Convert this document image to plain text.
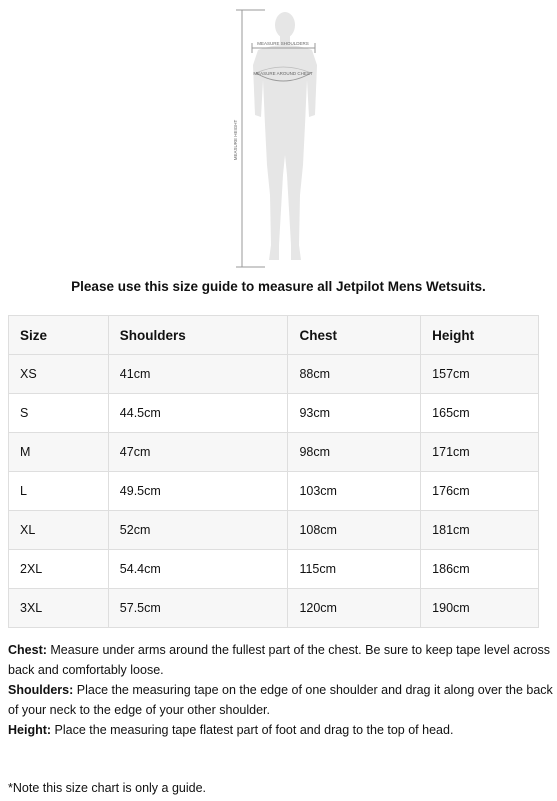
MEASURE HEIGHT
MEASURE SHOULDERS
MEASURE AROUND CHEST
Please use this size guide to measure all Jetpilot Mens Wetsuits.
Size	Shoulders	Chest	Height
XS	41cm	88cm	157cm
S	44.5cm	93cm	165cm
M	47cm	98cm	171cm
L	49.5cm	103cm	176cm
XL	52cm	108cm	181cm
2XL	54.4cm	115cm	186cm
3XL	57.5cm	120cm	190cm

Chest: Measure under arms around the fullest part of the chest. Be sure to keep tape level across back and comfortably loose.

Shoulders: Place the measuring tape on the edge of one shoulder and drag it along over the back of your neck to the edge of your other shoulder.

Height: Place the measuring tape flatest part of foot and drag to the top of head.

*Note this size chart is only a guide.
